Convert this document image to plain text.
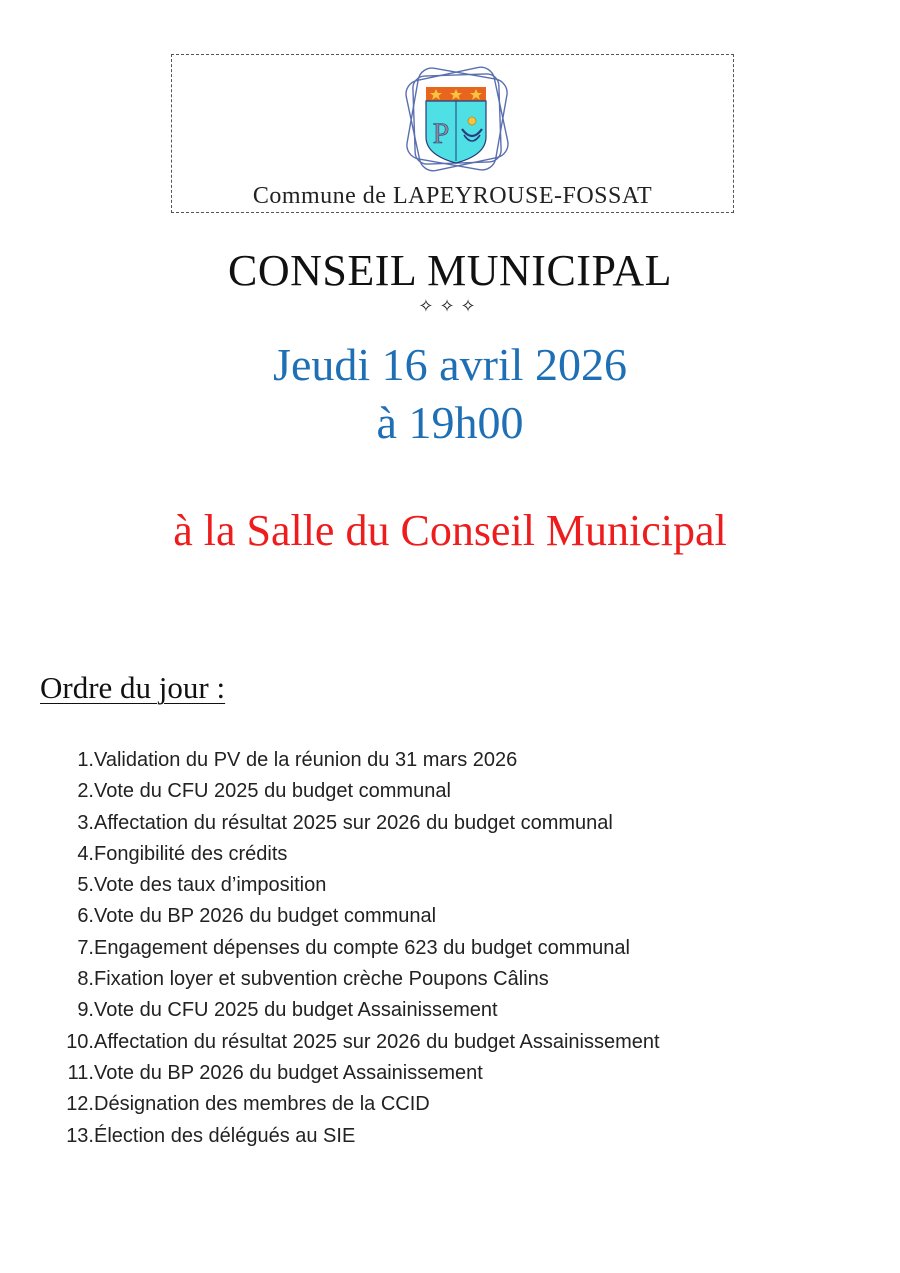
P
Commune de LAPEYROUSE-FOSSAT
CONSEIL MUNICIPAL
✧✧✧
Jeudi 16 avril 2026
à 19h00
à la Salle du Conseil Municipal
Ordre du jour :
1. Validation du PV de la réunion du 31 mars 2026
2. Vote du CFU 2025 du budget communal
3. Affectation du résultat 2025 sur 2026 du budget communal
4. Fongibilité des crédits
5. Vote des taux d’imposition
6. Vote du BP 2026 du budget communal
7. Engagement dépenses du compte 623 du budget communal
8. Fixation loyer et subvention crèche Poupons Câlins
9. Vote du CFU 2025 du budget Assainissement
10. Affectation du résultat 2025 sur 2026 du budget Assainissement
11. Vote du BP 2026 du budget Assainissement
12. Désignation des membres de la CCID
13. Élection des délégués au SIE
